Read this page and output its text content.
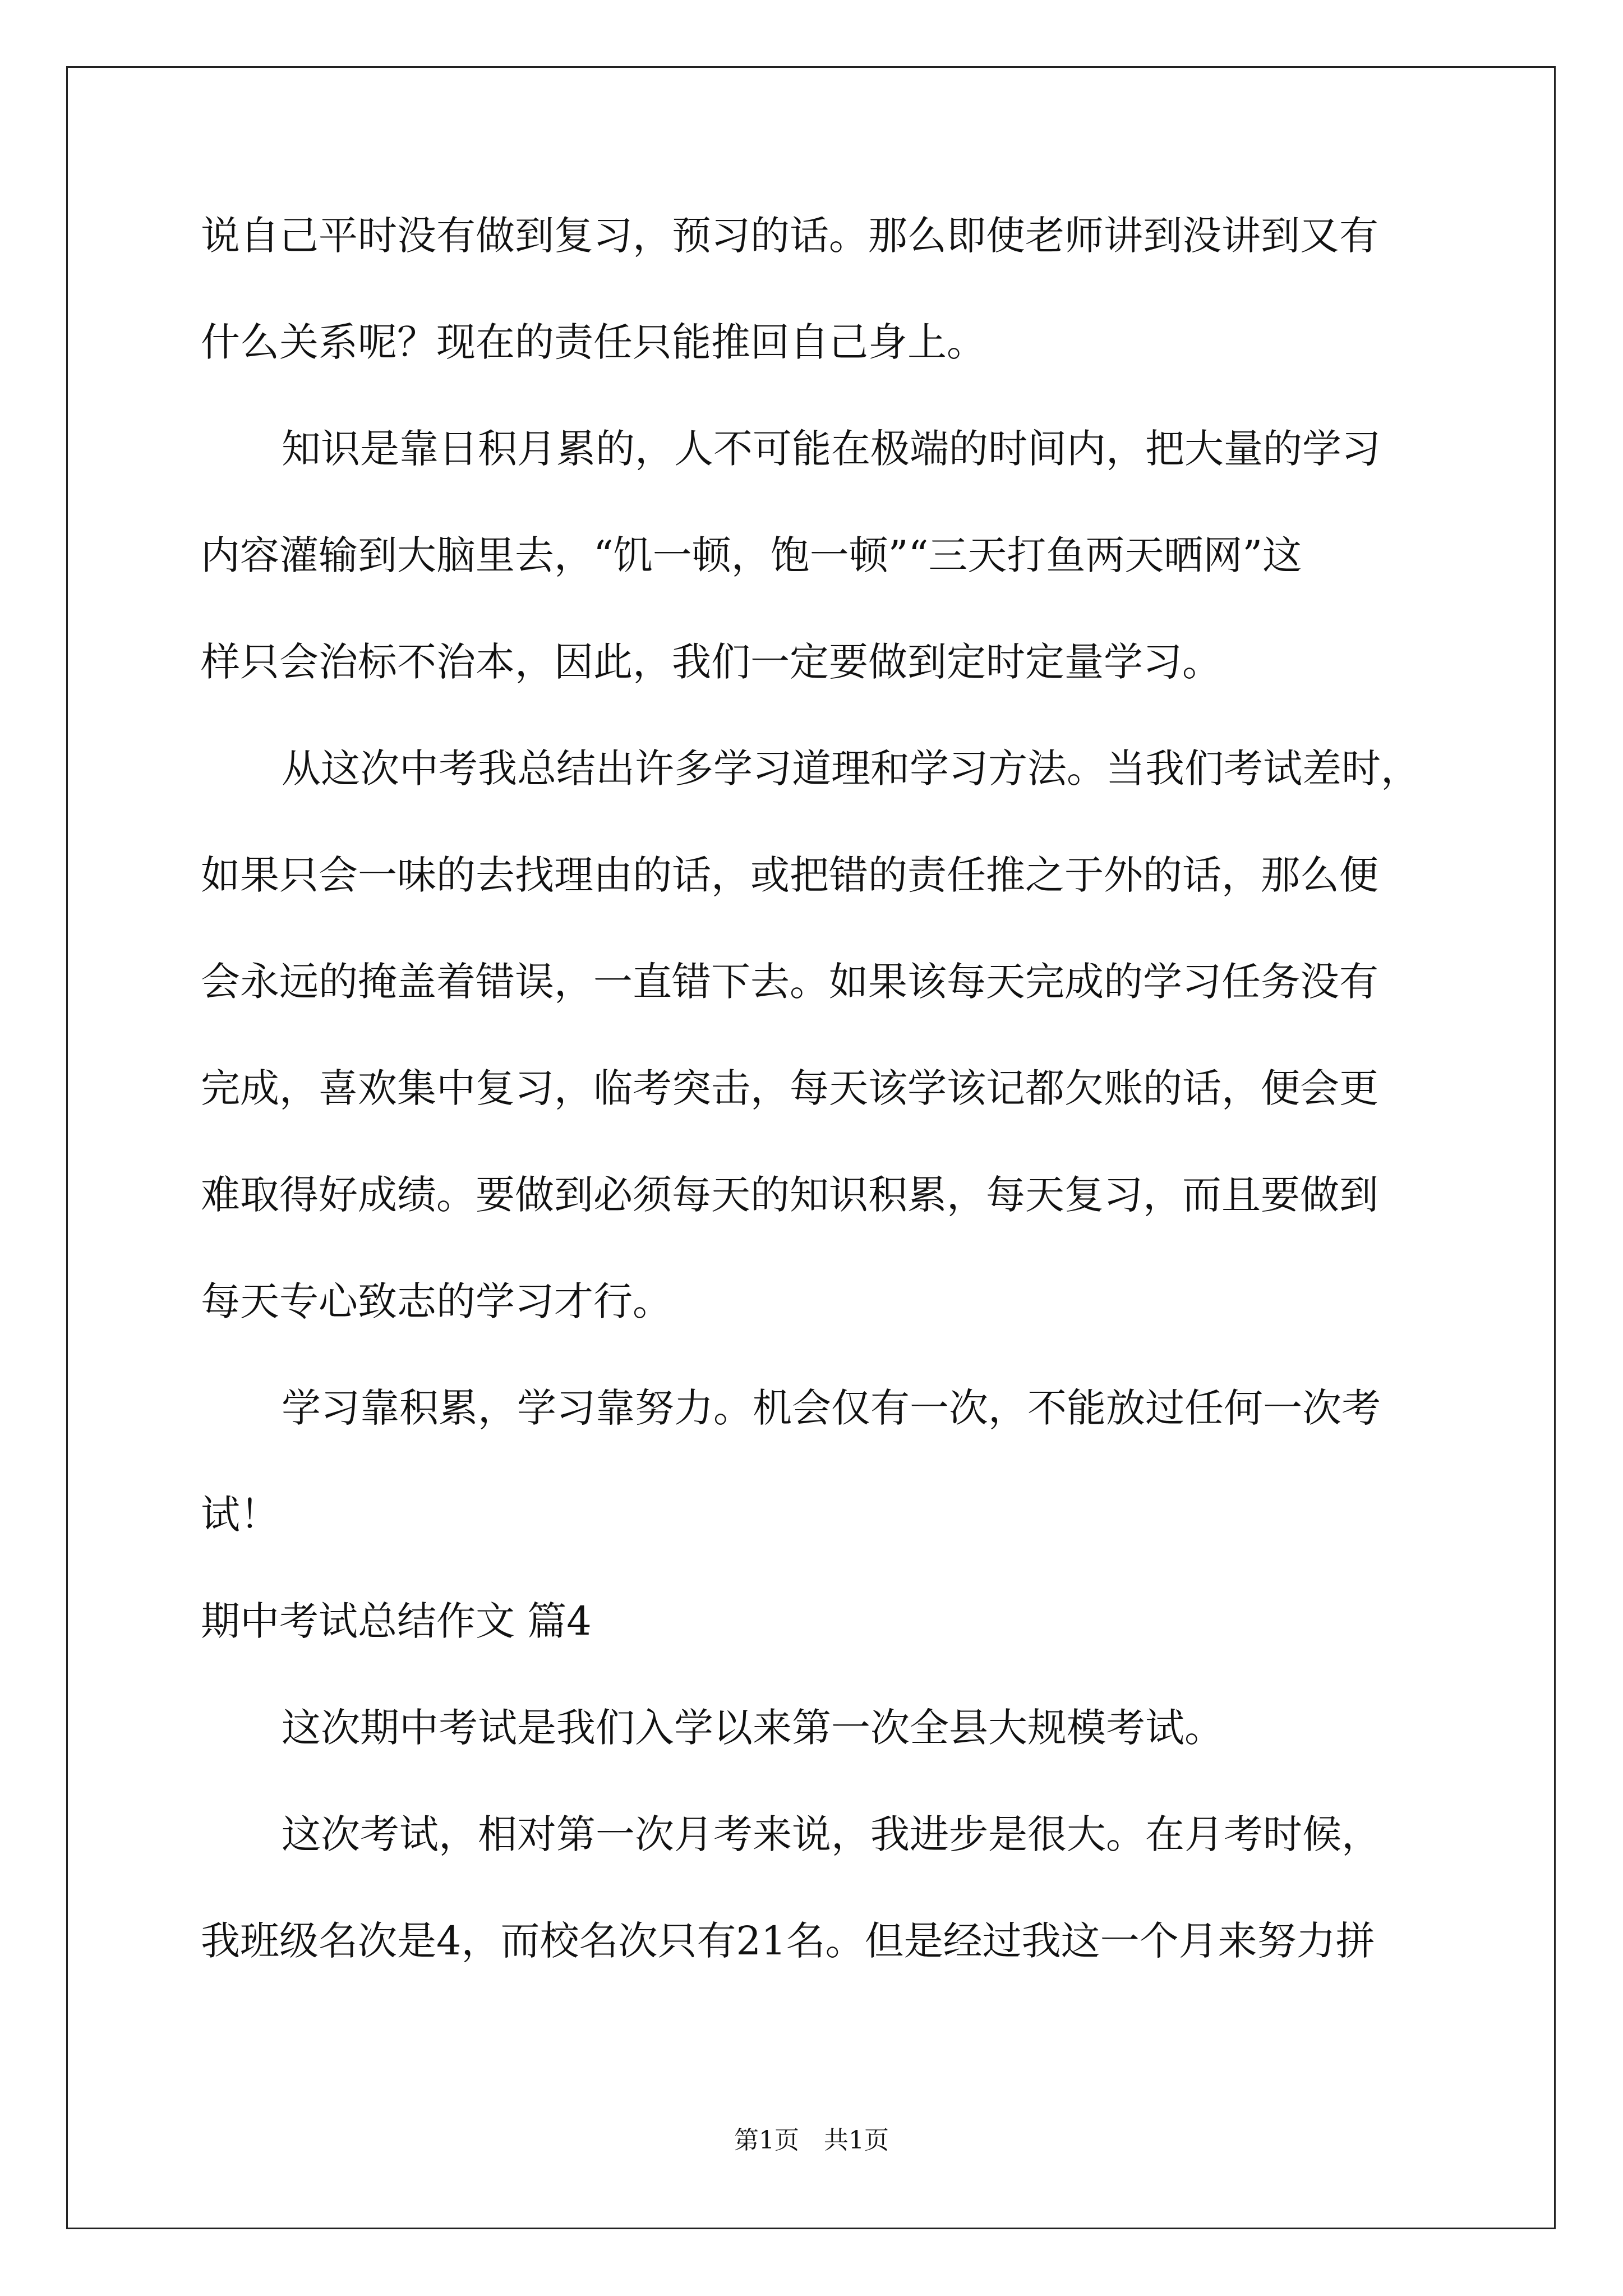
说自己平时没有做到复习，预习的话。那么即使老师讲到没讲到又有
什么关系呢？现在的责任只能推回自己身上。
知识是靠日积月累的，人不可能在极端的时间内，把大量的学习
内容灌输到大脑里去，“饥一顿，饱一顿”“三天打鱼两天晒网”这
样只会治标不治本，因此，我们一定要做到定时定量学习。
从这次中考我总结出许多学习道理和学习方法。当我们考试差时，
如果只会一味的去找理由的话，或把错的责任推之于外的话，那么便
会永远的掩盖着错误，一直错下去。如果该每天完成的学习任务没有
完成，喜欢集中复习，临考突击，每天该学该记都欠账的话，便会更
难取得好成绩。要做到必须每天的知识积累，每天复习，而且要做到
每天专心致志的学习才行。
学习靠积累，学习靠努力。机会仅有一次，不能放过任何一次考
试！
期中考试总结作文 篇4
这次期中考试是我们入学以来第一次全县大规模考试。
这次考试，相对第一次月考来说，我进步是很大。在月考时候，
我班级名次是4，而校名次只有21名。但是经过我这一个月来努力拼
第1页　共1页
